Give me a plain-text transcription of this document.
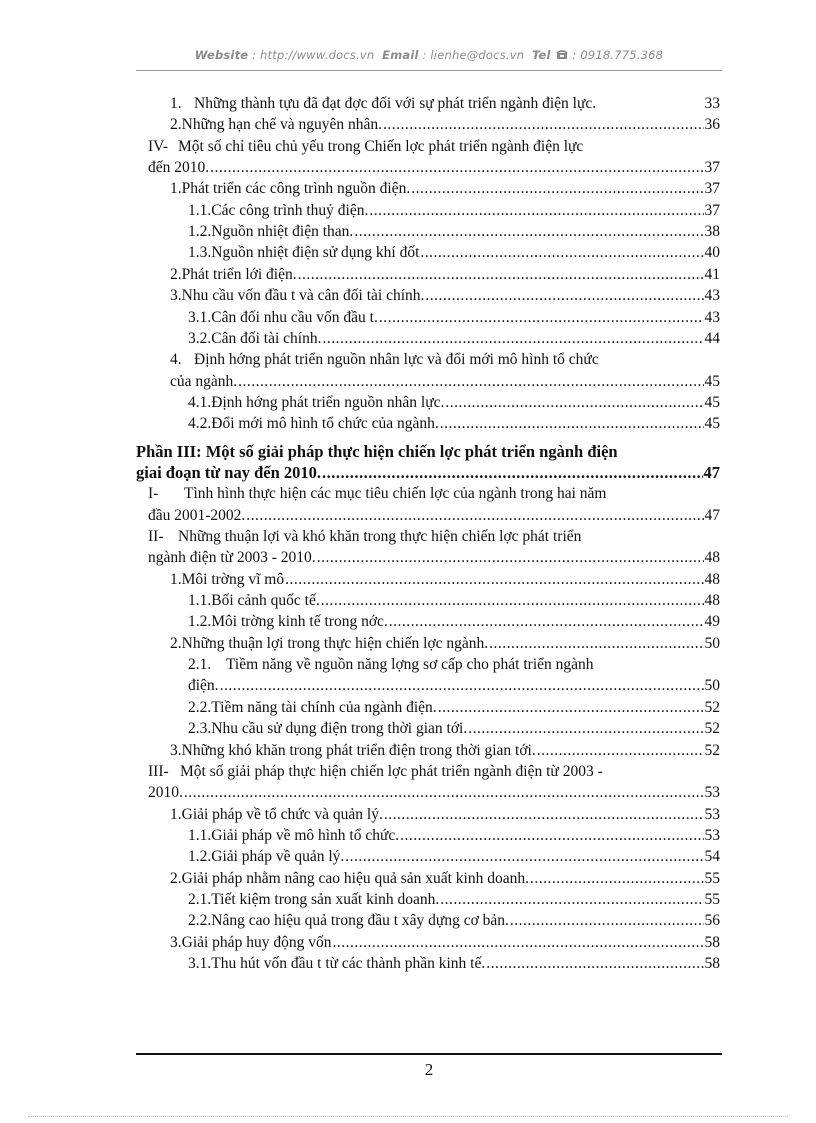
Website : http://www.docs.vn Email : lienhe@docs.vn Tel : 0918.775.368
1. Những thành tựu đã đạt đợc đối với sự phát triển ngành điện lực.	33
2. Những hạn chế và nguyên nhân. .....	36
IV- Một số chỉ tiêu chủ yếu trong Chiến lợc phát triển ngành điện lực
đến 2010. .....	37
1. Phát triển các công trình nguồn điện. .....	37
1.1. Các công trình thuỷ điện. .....	37
1.2. Nguồn nhiệt điện than. .....	38
1.3. Nguồn nhiệt điện sử dụng khí đốt .....	40
2. Phát triển lới điện. .....	41
3. Nhu cầu vốn đầu t và cân đối tài chính. .....	43
3.1. Cân đối nhu cầu vốn đầu t. .....	43
3.2. Cân đối tài chính. .....	44
4. Định hớng phát triển nguồn nhân lực và đổi mới mô hình tổ chức
của ngành. .....	45
4.1. Định hớng phát triển nguồn nhân lực. .....	45
4.2. Đổi mới mô hình tổ chức của ngành. .....	45
Phần III: Một số giải pháp thực hiện chiến lợc phát triển ngành điện
giai đoạn từ nay đến 2010. .....	47
I-	Tình hình thực hiện các mục tiêu chiến lợc của ngành trong hai năm
đầu 2001-2002. .....	47
II- Những thuận lợi và khó khăn trong thực hiện chiến lợc phát triển
ngành điện từ 2003 - 2010. .....	48
1. Môi trờng vĩ mô .....	48
1.1. Bối cảnh quốc tế. .....	48
1.2. Môi trờng kinh tế trong nớc. .....	49
2. Những thuận lợi trong thực hiện chiến lợc ngành. .....	50
2.1. Tiềm năng về nguồn năng lợng sơ cấp cho phát triển ngành
điện. .....	50
2.2. Tiềm năng tài chính của ngành điện. .....	52
2.3. Nhu cầu sử dụng điện trong thời gian tới. .....	52
3. Những khó khăn trong phát triển điện trong thời gian tới. .....	52
III- Một số giải pháp thực hiện chiến lợc phát triển ngành điện từ 2003 -
2010. .....	53
1. Giải pháp về tổ chức và quản lý. .....	53
1.1. Giải pháp về mô hình tổ chức. .....	53
1.2. Giải pháp về quản lý. .....	54
2. Giải pháp nhằm nâng cao hiệu quả sản xuất kinh doanh. .....	55
2.1. Tiết kiệm trong sản xuất kinh doanh. .....	55
2.2. Nâng cao hiệu quả trong đầu t xây dựng cơ bản. .....	56
3. Giải pháp huy động vốn .....	58
3.1. Thu hút vốn đầu t từ các thành phần kinh tế. .....	58
2
